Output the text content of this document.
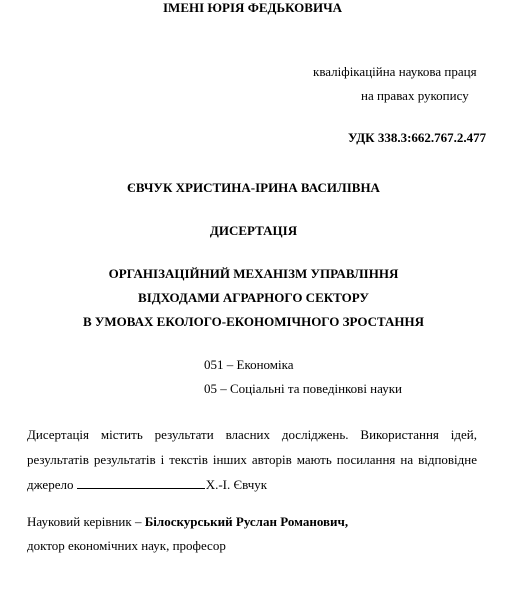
ІМЕНІ ЮРІЯ ФЕДЬКОВИЧА
кваліфікаційна наукова праця
на правах рукопису
УДК 338.3:662.767.2.477
ЄВЧУК ХРИСТИНА-ІРИНА ВАСИЛІВНА
ДИСЕРТАЦІЯ
ОРГАНІЗАЦІЙНИЙ МЕХАНІЗМ УПРАВЛІННЯ
ВІДХОДАМИ АГРАРНОГО СЕКТОРУ
В УМОВАХ ЕКОЛОГО-ЕКОНОМІЧНОГО ЗРОСТАННЯ
051 – Економіка
05 – Соціальні та поведінкові науки
Дисертація містить результати власних досліджень. Використання ідей,
результатів результатів і текстів інших авторів мають посилання на відповідне
джерело	Х.-І. Євчук
Науковий керівник – Білоскурський Руслан Романович,
доктор економічних наук, професор
